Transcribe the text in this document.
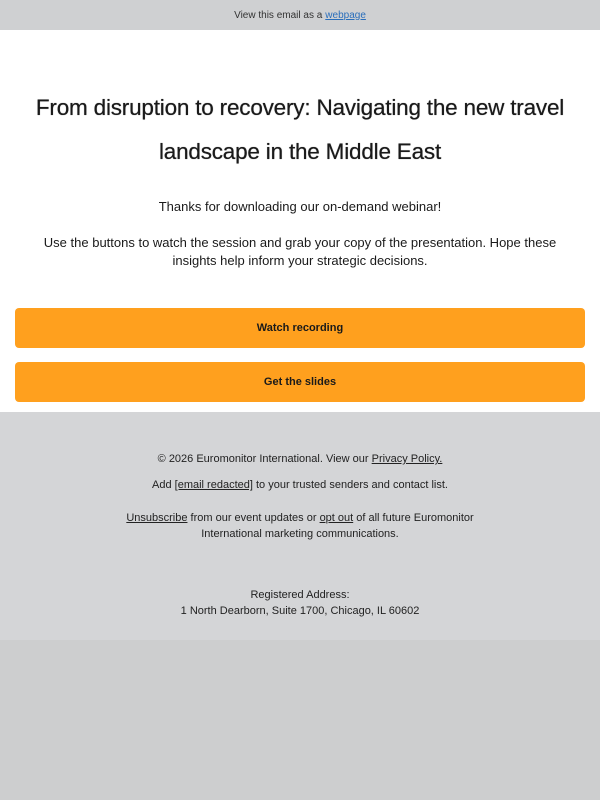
View this email as a webpage
From disruption to recovery: Navigating the new travel landscape in the Middle East
Thanks for downloading our on-demand webinar!
Use the buttons to watch the session and grab your copy of the presentation. Hope these insights help inform your strategic decisions.
Watch recording
Get the slides
© 2026 Euromonitor International. View our Privacy Policy.
Add [email redacted] to your trusted senders and contact list.
Unsubscribe from our event updates or opt out of all future Euromonitor International marketing communications.
Registered Address:
1 North Dearborn, Suite 1700, Chicago, IL 60602
